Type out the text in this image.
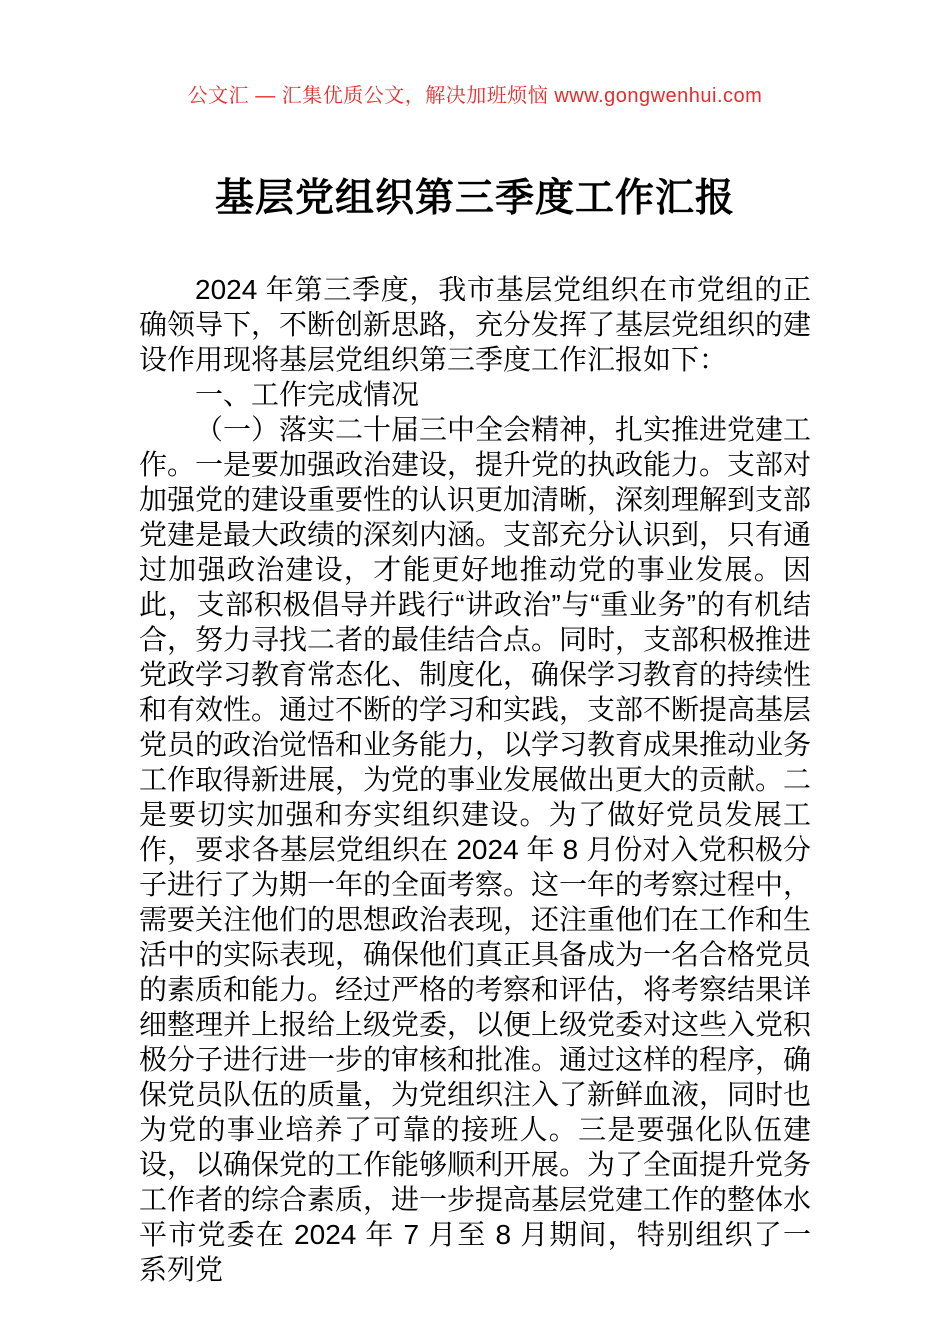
公文汇 — 汇集优质公文，解决加班烦恼 www.gongwenhui.com
基层党组织第三季度工作汇报

2024 年第三季度，我市基层党组织在市党组的正确领导下，不断创新思路，充分发挥了基层党组织的建设作用现将基层党组织第三季度工作汇报如下：

一、工作完成情况

（一）落实二十届三中全会精神，扎实推进党建工作。一是要加强政治建设，提升党的执政能力。支部对加强党的建设重要性的认识更加清晰，深刻理解到支部党建是最大政绩的深刻内涵。支部充分认识到，只有通过加强政治建设，才能更好地推动党的事业发展。因此，支部积极倡导并践行“讲政治”与“重业务”的有机结合，努力寻找二者的最佳结合点。同时，支部积极推进党政学习教育常态化、制度化，确保学习教育的持续性和有效性。通过不断的学习和实践，支部不断提高基层党员的政治觉悟和业务能力，以学习教育成果推动业务工作取得新进展，为党的事业发展做出更大的贡献。二是要切实加强和夯实组织建设。为了做好党员发展工作，要求各基层党组织在 2024 年 8 月份对入党积极分子进行了为期一年的全面考察。这一年的考察过程中，需要关注他们的思想政治表现，还注重他们在工作和生活中的实际表现，确保他们真正具备成为一名合格党员的素质和能力。经过严格的考察和评估，将考察结果详细整理并上报给上级党委，以便上级党委对这些入党积极分子进行进一步的审核和批准。通过这样的程序，确保党员队伍的质量，为党组织注入了新鲜血液，同时也为党的事业培养了可靠的接班人。三是要强化队伍建设，以确保党的工作能够顺利开展。为了全面提升党务工作者的综合素质，进一步提高基层党建工作的整体水平市党委在 2024 年 7 月至 8 月期间，特别组织了一系列党
